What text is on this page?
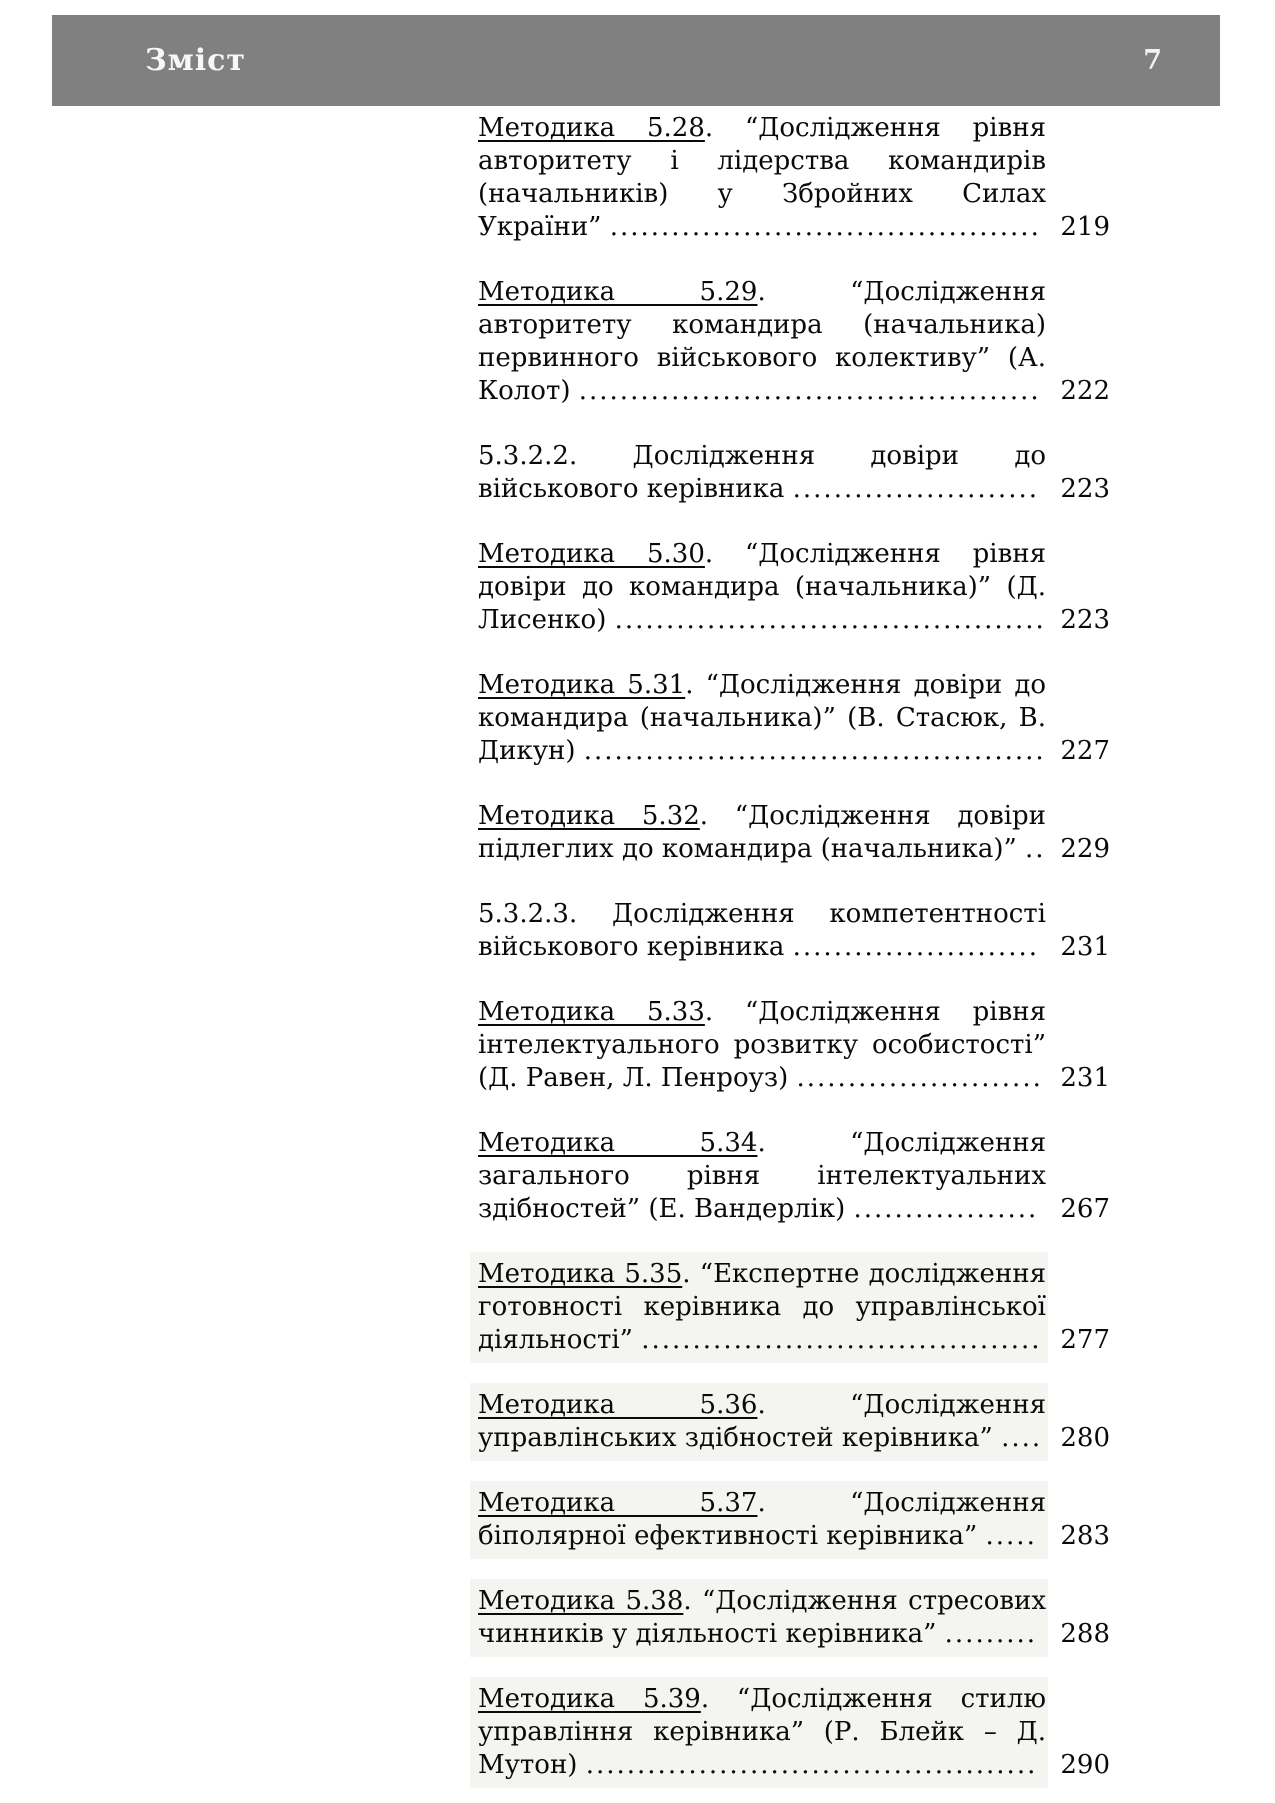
Зміст	7
Методика 5.28. “Дослідження рівня авторитету і лідерства командирів (начальників) у Збройних Силах України” .......................................... 219
Методика 5.29. “Дослідження авторитету командира (начальника) первинного військового колективу” (А. Колот) ............................................. 222
5.3.2.2. Дослідження довіри до військового керівника ........................ 223
Методика 5.30. “Дослідження рівня довіри до командира (начальника)” (Д. Лисенко) .......................................... 223
Методика 5.31. “Дослідження довіри до командира (начальника)” (В. Стасюк, В. Дикун) ............................................. 227
Методика 5.32. “Дослідження довіри підлеглих до командира (начальника)” .. 229
5.3.2.3. Дослідження компетентності військового керівника ........................ 231
Методика 5.33. “Дослідження рівня інтелектуального розвитку особистості” (Д. Равен, Л. Пенроуз) ........................ 231
Методика 5.34. “Дослідження загального рівня інтелектуальних здібностей” (Е. Вандерлік) .................. 267
Методика 5.35. “Експертне дослідження готовності керівника до управлінської діяльності” ....................................... 277
Методика 5.36. “Дослідження управлінських здібностей керівника” .... 280
Методика 5.37. “Дослідження біполярної ефективності керівника” ..... 283
Методика 5.38. “Дослідження стресових чинників у діяльності керівника” ......... 288
Методика 5.39. “Дослідження стилю управління керівника” (Р. Блейк – Д. Мутон) ............................................ 290
